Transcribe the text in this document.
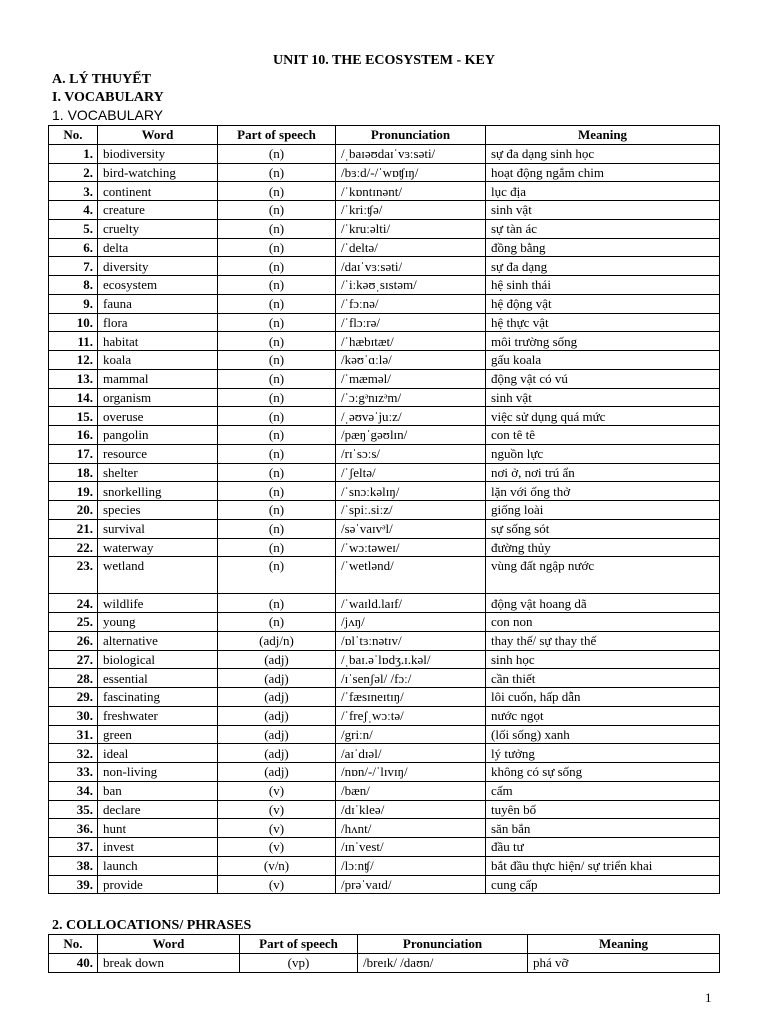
UNIT 10. THE ECOSYSTEM - KEY
A. LÝ THUYẾT
I. VOCABULARY
1. VOCABULARY
No.	Word	Part of speech	Pronunciation	Meaning
1.	biodiversity	(n)	/ˌbaɪəʊdaɪˈvɜːsəti/	sự đa dạng sinh học
2.	bird-watching	(n)	/bɜːd/-/ˈwɒʧɪŋ/	hoạt động ngắm chim
3.	continent	(n)	/ˈkɒntɪnənt/	lục địa
4.	creature	(n)	/ˈkriːʧə/	sinh vật
5.	cruelty	(n)	/ˈkruːəlti/	sự tàn ác
6.	delta	(n)	/ˈdeltə/	đồng bằng
7.	diversity	(n)	/daɪˈvɜːsəti/	sự đa dạng
8.	ecosystem	(n)	/ˈiːkəʊˌsɪstəm/	hệ sinh thái
9.	fauna	(n)	/ˈfɔːnə/	hệ động vật
10.	flora	(n)	/ˈflɔːrə/	hệ thực vật
11.	habitat	(n)	/ˈhæbɪtæt/	môi trường sống
12.	koala	(n)	/kəʊˈɑːlə/	gấu koala
13.	mammal	(n)	/ˈmæməl/	động vật có vú
14.	organism	(n)	/ˈɔːgᵊnɪzᵊm/	sinh vật
15.	overuse	(n)	/ˌəʊvəˈjuːz/	việc sử dụng quá mức
16.	pangolin	(n)	/pæŋˈgəʊlɪn/	con tê tê
17.	resource	(n)	/rɪˈsɔːs/	nguồn lực
18.	shelter	(n)	/ˈʃeltə/	nơi ở, nơi trú ẩn
19.	snorkelling	(n)	/ˈsnɔːkəlɪŋ/	lặn với ống thở
20.	species	(n)	/ˈspiː.siːz/	giống loài
21.	survival	(n)	/səˈvaɪvᵊl/	sự sống sót
22.	waterway	(n)	/ˈwɔːtəweɪ/	đường thủy
23.	wetland	(n)	/ˈwetlənd/	vùng đất ngập nước
24.	wildlife	(n)	/ˈwaɪld.laɪf/	động vật hoang dã
25.	young	(n)	/jʌŋ/	con non
26.	alternative	(adj/n)	/ɒlˈtɜːnətɪv/	thay thế/ sự thay thế
27.	biological	(adj)	/ˌbaɪ.əˈlɒdʒ.ɪ.kəl/	sinh học
28.	essential	(adj)	/ɪˈsenʃəl/ /fɔː/	cần thiết
29.	fascinating	(adj)	/ˈfæsɪneɪtɪŋ/	lôi cuốn, hấp dẫn
30.	freshwater	(adj)	/ˈfreʃˌwɔːtə/	nước ngọt
31.	green	(adj)	/griːn/	(lối sống) xanh
32.	ideal	(adj)	/aɪˈdɪəl/	lý tưởng
33.	non-living	(adj)	/nɒn/-/ˈlɪvɪŋ/	không có sự sống
34.	ban	(v)	/bæn/	cấm
35.	declare	(v)	/dɪˈkleə/	tuyên bố
36.	hunt	(v)	/hʌnt/	săn bắn
37.	invest	(v)	/ɪnˈvest/	đầu tư
38.	launch	(v/n)	/lɔːnʧ/	bắt đầu thực hiện/ sự triển khai
39.	provide	(v)	/prəˈvaɪd/	cung cấp
2. COLLOCATIONS/ PHRASES
No.	Word	Part of speech	Pronunciation	Meaning
40.	break down	(vp)	/breɪk/ /daʊn/	phá vỡ
1
